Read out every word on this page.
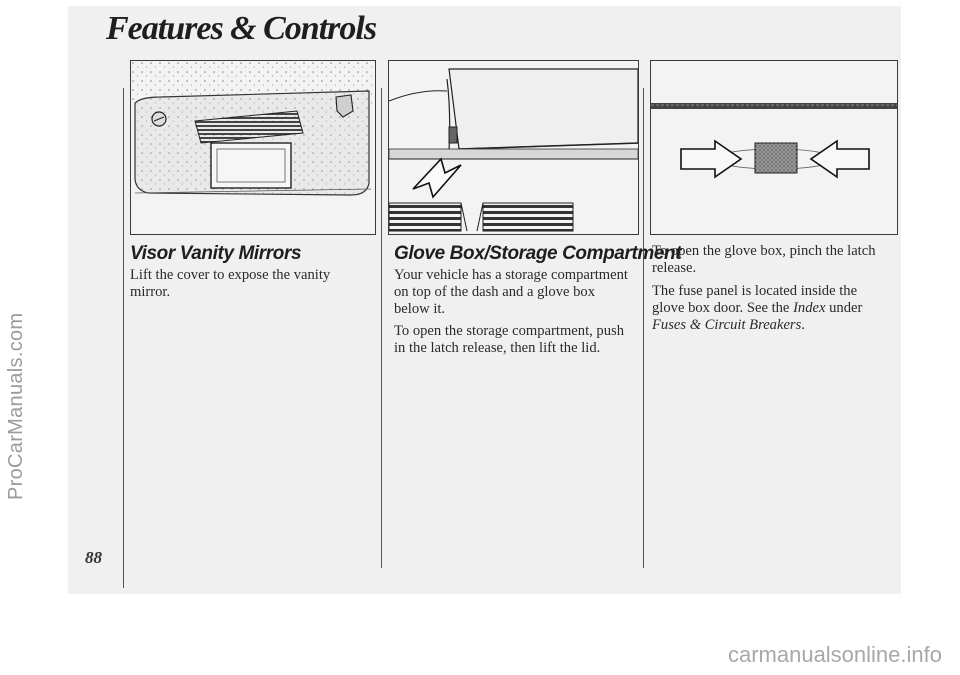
ProCarManuals.com
carmanualsonline.info
Features & Controls
88
Visor Vanity Mirrors

Lift the cover to expose the vanity mirror.

Glove Box/Storage Compartment

Your vehicle has a storage compartment on top of the dash and a glove box below it.

To open the storage compartment, push in the latch release, then lift the lid.

To open the glove box, pinch the latch release.

The fuse panel is located inside the glove box door. See the Index under Fuses & Circuit Breakers.
